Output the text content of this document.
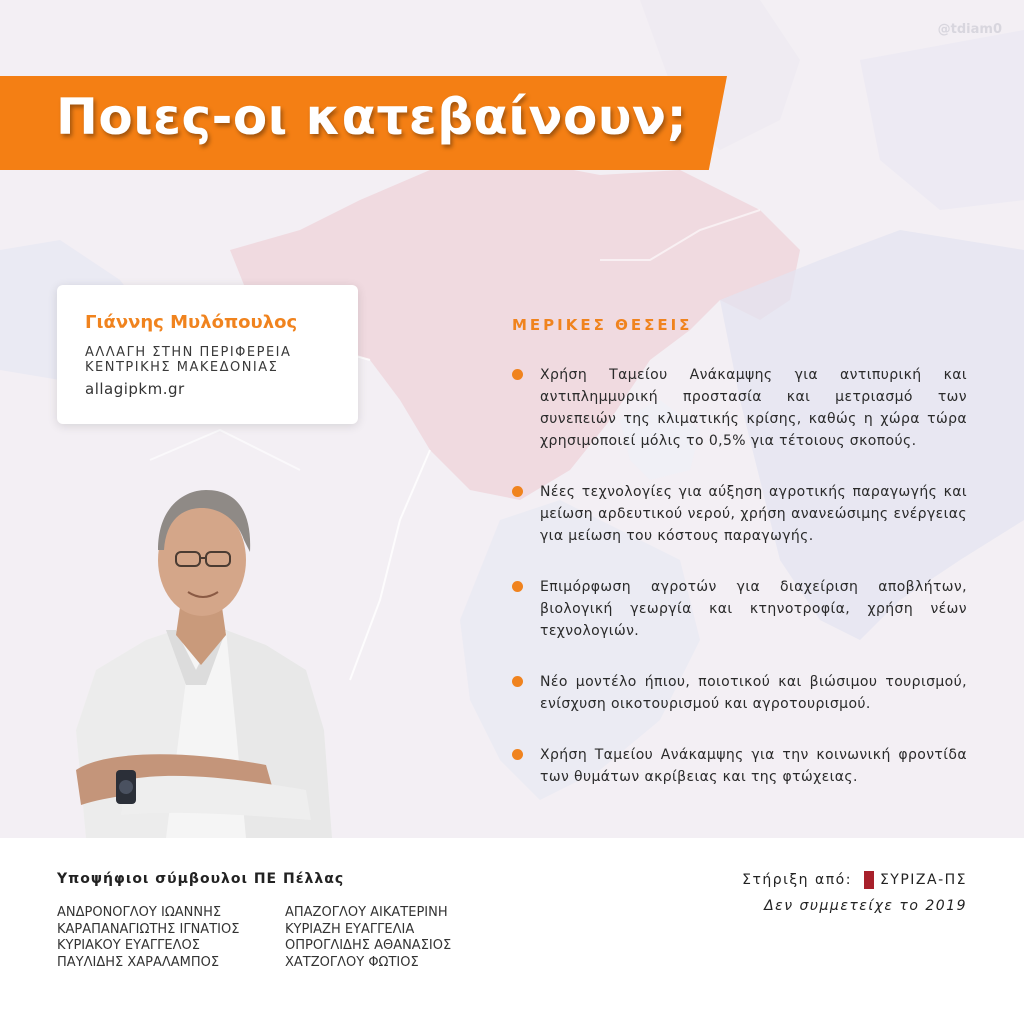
@tdiam0
Ποιες-οι κατεβαίνουν;
Γιάννης Μυλόπουλος
ΑΛΛΑΓΗ ΣΤΗΝ ΠΕΡΙΦΕΡΕΙΑ
ΚΕΝΤΡΙΚΗΣ ΜΑΚΕΔΟΝΙΑΣ
allagipkm.gr
ΜΕΡΙΚΕΣ ΘΕΣΕΙΣ

Χρήση Ταμείου Ανάκαμψης για αντιπυρική και αντιπλημμυρική προστασία και μετριασμό των συνεπειών της κλιματικής κρίσης, καθώς η χώρα τώρα χρησιμοποιεί μόλις το 0,5% για τέτοιους σκοπούς.

Νέες τεχνολογίες για αύξηση αγροτικής παραγωγής και μείωση αρδευτικού νερού, χρήση ανανεώσιμης ενέργειας για μείωση του κόστους παραγωγής.

Επιμόρφωση αγροτών για διαχείριση αποβλήτων, βιολογική γεωργία και κτηνοτροφία, χρήση νέων τεχνολογιών.

Νέο μοντέλο ήπιου, ποιοτικού και βιώσιμου τουρισμού, ενίσχυση οικοτουρισμού και αγροτουρισμού.

Χρήση Ταμείου Ανάκαμψης για την κοινωνική φροντίδα των θυμάτων ακρίβειας και της φτώχειας.

Υποψήφιοι σύμβουλοι ΠΕ Πέλλας
ΑΝΔΡΟΝΟΓΛΟΥ ΙΩΑΝΝΗΣ
ΚΑΡΑΠΑΝΑΓΙΩΤΗΣ ΙΓΝΑΤΙΟΣ
ΚΥΡΙΑΚΟΥ ΕΥΑΓΓΕΛΟΣ
ΠΑΥΛΙΔΗΣ ΧΑΡΑΛΑΜΠΟΣ
ΑΠΑΖΟΓΛΟΥ ΑΙΚΑΤΕΡΙΝΗ
ΚΥΡΙΑΖΗ ΕΥΑΓΓΕΛΙΑ
ΟΠΡΟΓΛΙΔΗΣ ΑΘΑΝΑΣΙΟΣ
ΧΑΤΖΟΓΛΟΥ ΦΩΤΙΟΣ
Στήριξη από: ΣΥΡΙΖΑ-ΠΣ
Δεν συμμετείχε το 2019
